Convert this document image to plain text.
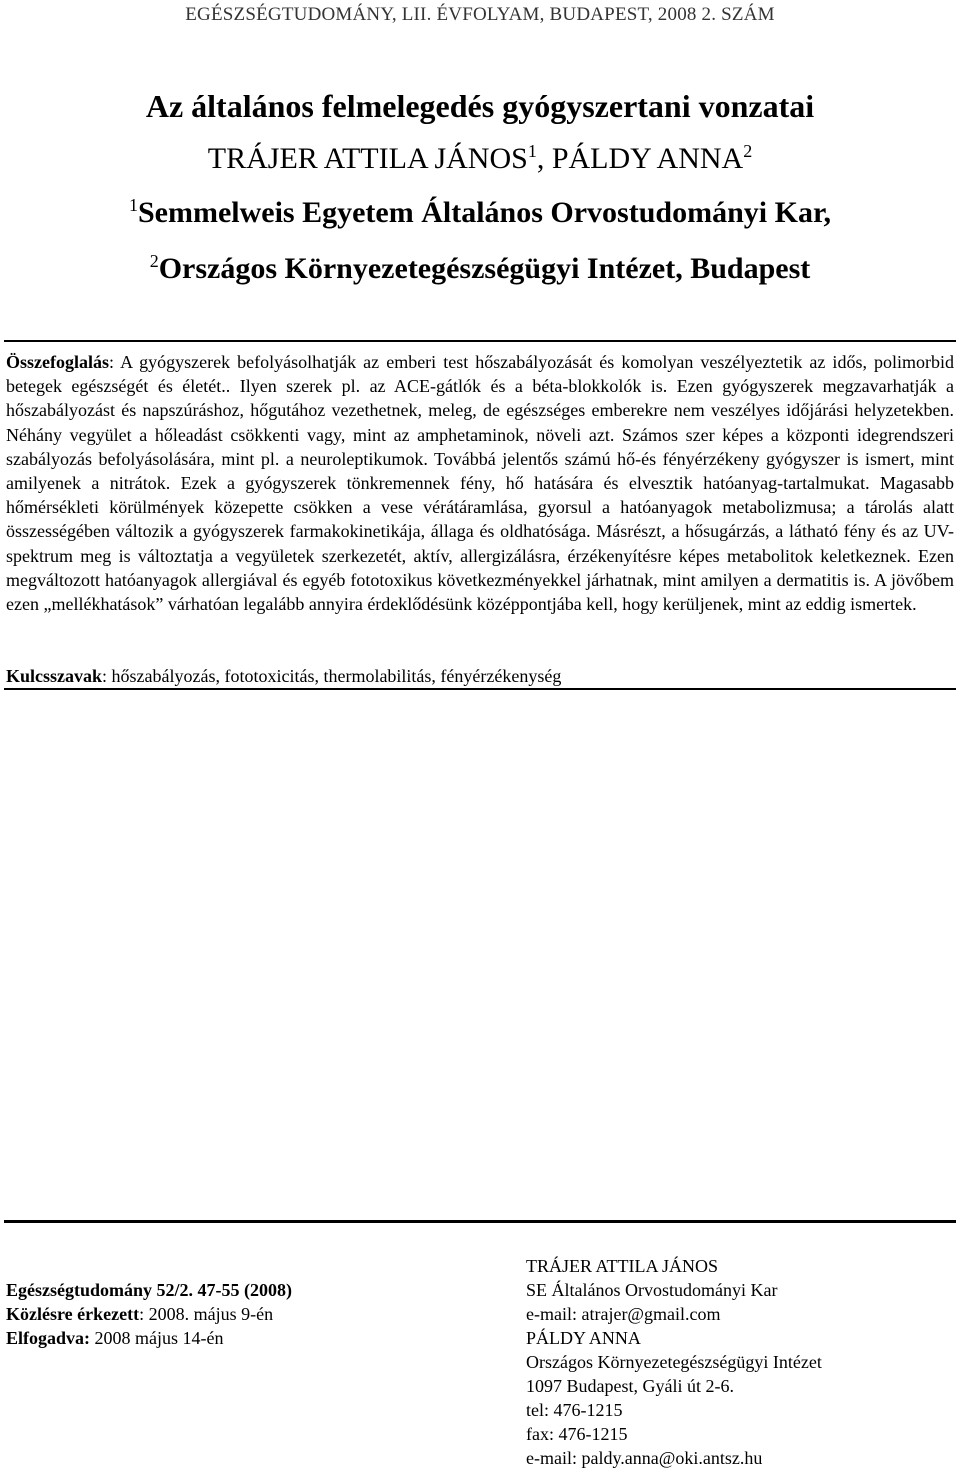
EGÉSZSÉGTUDOMÁNY, LII. ÉVFOLYAM, BUDAPEST, 2008 2. SZÁM
Az általános felmelegedés gyógyszertani vonzatai
TRÁJER ATTILA JÁNOS$^1$, PÁLDY ANNA$^2$
$^1$Semmelweis Egyetem Általános Orvostudományi Kar,
$^2$Országos Környezetegészségügyi Intézet, Budapest
Összefoglalás: A gyógyszerek befolyásolhatják az emberi test hőszabályozását és komolyan veszélyeztetik az idős, polimorbid betegek egészségét és életét.. Ilyen szerek pl. az ACE-gátlók és a béta-blokkolók is. Ezen gyógyszerek megzavarhatják a hőszabályozást és napszúráshoz, hőgutához vezethetnek, meleg, de egészséges emberekre nem veszélyes időjárási helyzetekben. Néhány vegyület a hőleadást csökkenti vagy, mint az amphetaminok, növeli azt. Számos szer képes a központi idegrendszeri szabályozás befolyásolására, mint pl. a neuroleptikumok. Továbbá jelentős számú hő-és fényérzékeny gyógyszer is ismert, mint amilyenek a nitrátok. Ezek a gyógyszerek tönkremennek fény, hő hatására és elvesztik hatóanyag-tartalmukat. Magasabb hőmérsékleti körülmények közepette csökken a vese vérátáramlása, gyorsul a hatóanyagok metabolizmusa; a tárolás alatt összességében változik a gyógyszerek farmakokinetikája, állaga és oldhatósága. Másrészt, a hősugárzás, a látható fény és az UV-spektrum meg is változtatja a vegyületek szerkezetét, aktív, allergizálásra, érzékenyítésre képes metabolitok keletkeznek. Ezen megváltozott hatóanyagok allergiával és egyéb fototoxikus következményekkel járhatnak, mint amilyen a dermatitis is. A jövőbem ezen „mellékhatások” várhatóan legalább annyira érdeklődésünk középpontjába kell, hogy kerüljenek, mint az eddig ismertek.
Kulcsszavak: hőszabályozás, fototoxicitás, thermolabilitás, fényérzékenység
Egészségtudomány 52/2. 47-55 (2008)
Közlésre érkezett: 2008. május 9-én
Elfogadva: 2008 május 14-én
TRÁJER ATTILA JÁNOS
SE Általános Orvostudományi Kar
e-mail: atrajer@gmail.com
PÁLDY ANNA
Országos Környezetegészségügyi Intézet
1097 Budapest, Gyáli út 2-6.
tel: 476-1215
fax: 476-1215
e-mail: paldy.anna@oki.antsz.hu
